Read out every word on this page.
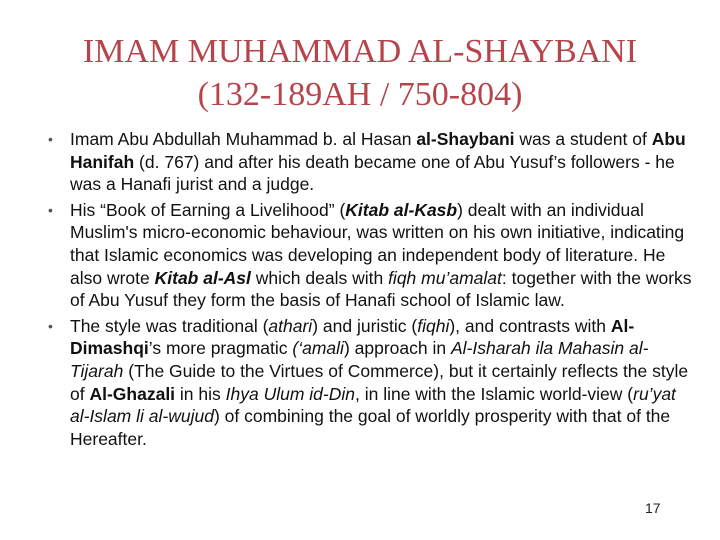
IMAM MUHAMMAD AL-SHAYBANI
(132-189AH / 750-804)
• Imam Abu Abdullah Muhammad b. al Hasan al-Shaybani was a student of Abu Hanifah (d. 767) and after his death became one of Abu Yusuf’s followers - he was a Hanafi jurist and a judge.
• His “Book of Earning a Livelihood” (Kitab al-Kasb) dealt with an individual Muslim's micro-economic behaviour, was written on his own initiative, indicating that Islamic economics was developing an independent body of literature. He also wrote Kitab al-Asl which deals with fiqh mu’amalat: together with the works of Abu Yusuf they form the basis of Hanafi school of Islamic law.
• The style was traditional (athari) and juristic (fiqhi), and contrasts with Al-Dimashqi’s more pragmatic (‘amali) approach in Al-Isharah ila Mahasin al-Tijarah (The Guide to the Virtues of Commerce), but it certainly reflects the style of Al-Ghazali in his Ihya Ulum id-Din, in line with the Islamic world-view (ru’yat al-Islam li al-wujud) of combining the goal of worldly prosperity with that of the Hereafter.
17
